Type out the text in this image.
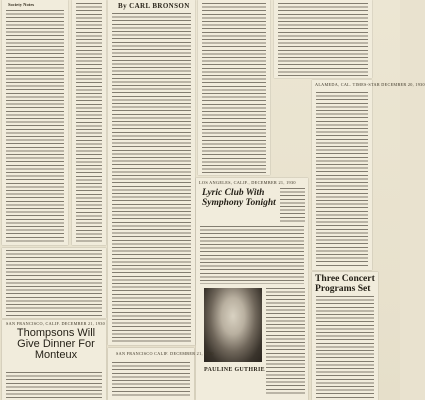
Society Notes	By CARL BRONSON
ALAMEDA, CAL. TIMES-STAR DECEMBER 20, 1930
LOS ANGELES, CALIF., DECEMBER 21, 1930
Lyric Club With Symphony Tonight
PAULINE GUTHRIE
Three Concert Programs Set
SAN FRANCISCO, CALIF. DECEMBER 21, 1930
Thompsons Will Give Dinner For Monteux	SAN FRANCISCO CALIF. DECEMBER 21, 1930
